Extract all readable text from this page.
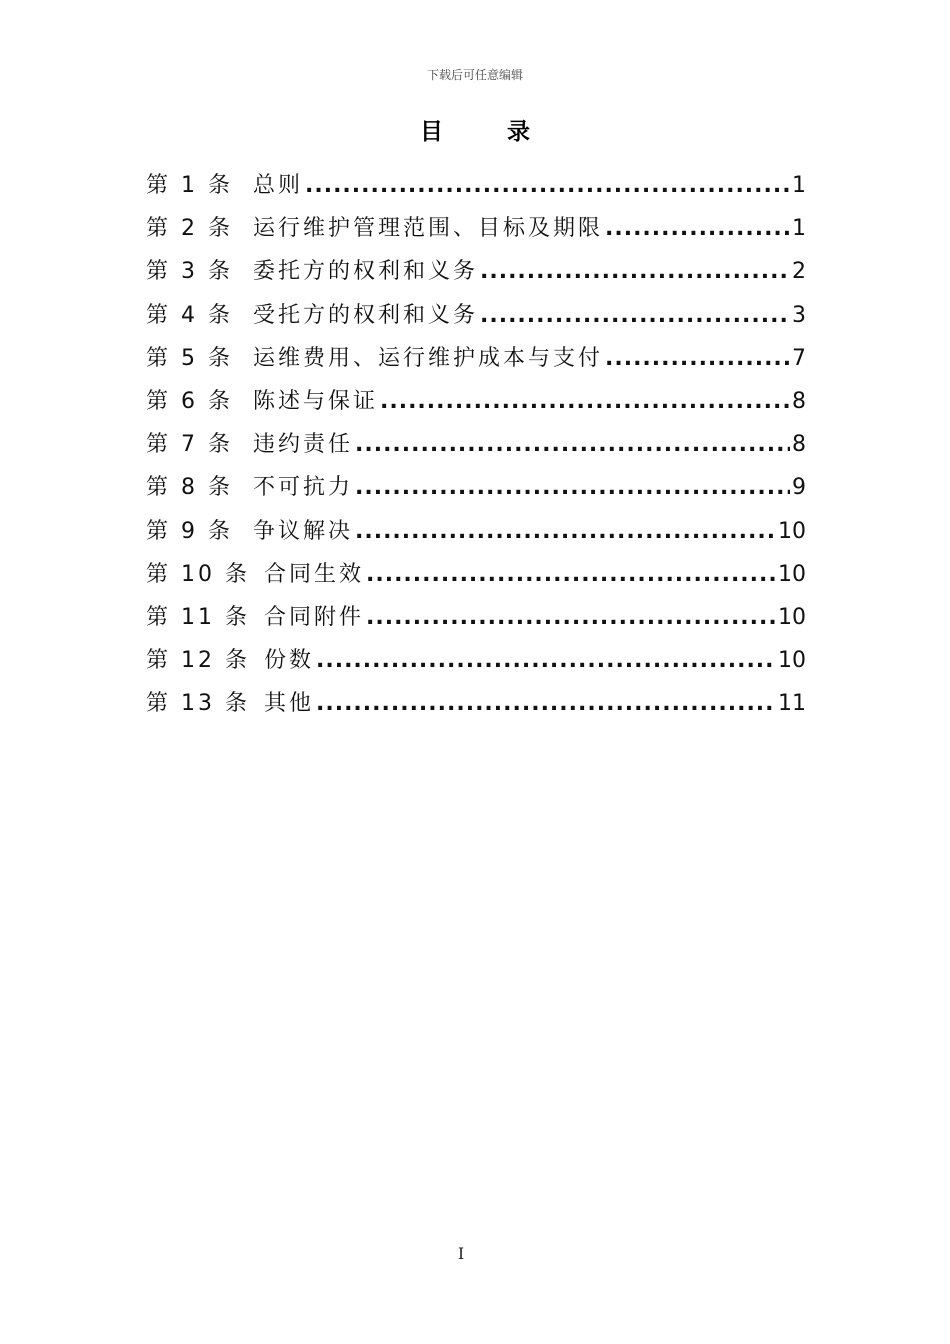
下载后可任意编辑
目 录
第 1 条 总则 .....	1
第 2 条 运行维护管理范围、目标及期限 .....	1
第 3 条 委托方的权利和义务 .....	2
第 4 条 受托方的权利和义务 .....	3
第 5 条 运维费用、运行维护成本与支付 .....	7
第 6 条 陈述与保证 .....	8
第 7 条 违约责任 .....	8
第 8 条 不可抗力 .....	9
第 9 条 争议解决 .....	10
第 10 条 合同生效 .....	10
第 11 条 合同附件 .....	10
第 12 条 份数 .....	10
第 13 条 其他 .....	11
I
